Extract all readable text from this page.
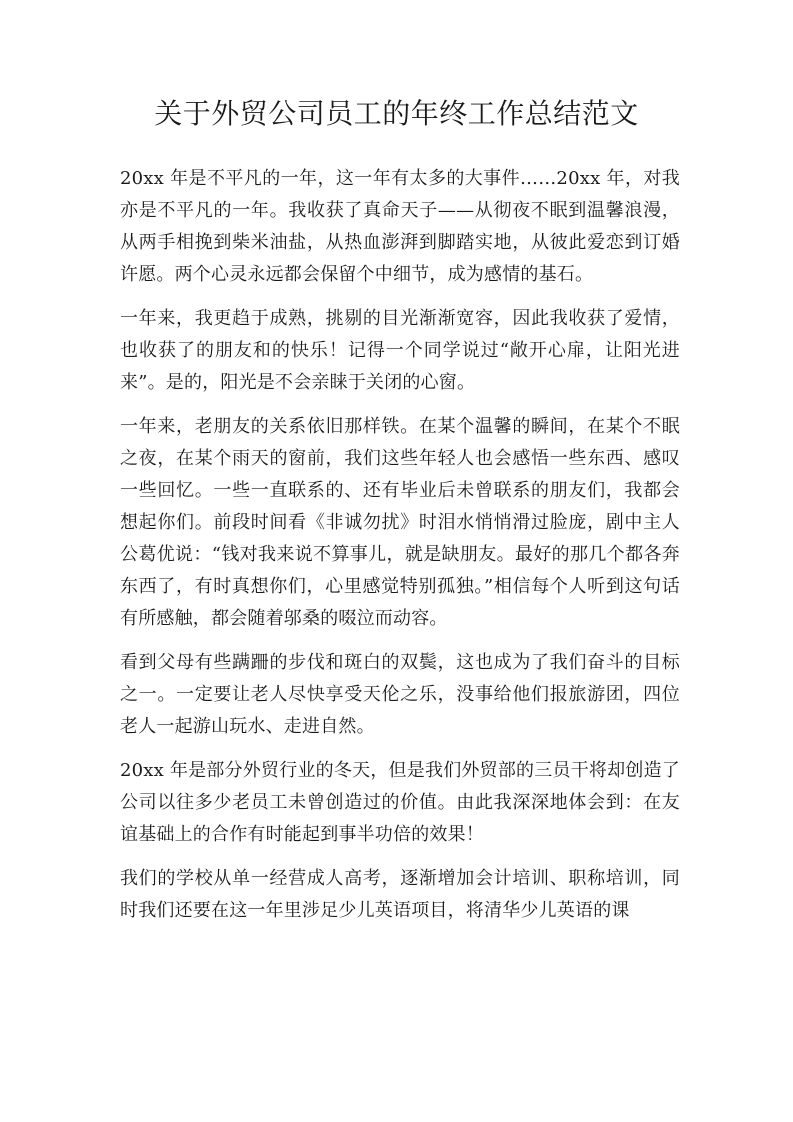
关于外贸公司员工的年终工作总结范文

20xx 年是不平凡的一年，这一年有太多的大事件……20xx 年，对我亦是不平凡的一年。我收获了真命天子——从彻夜不眠到温馨浪漫，从两手相挽到柴米油盐，从热血澎湃到脚踏实地，从彼此爱恋到订婚许愿。两个心灵永远都会保留个中细节，成为感情的基石。

一年来，我更趋于成熟，挑剔的目光渐渐宽容，因此我收获了爱情，也收获了的朋友和的快乐！记得一个同学说过“敞开心扉，让阳光进来”。是的，阳光是不会亲睐于关闭的心窗。

一年来，老朋友的关系依旧那样铁。在某个温馨的瞬间，在某个不眠之夜，在某个雨天的窗前，我们这些年轻人也会感悟一些东西、感叹一些回忆。一些一直联系的、还有毕业后未曾联系的朋友们，我都会想起你们。前段时间看《非诚勿扰》时泪水悄悄滑过脸庞，剧中主人公葛优说：“钱对我来说不算事儿，就是缺朋友。最好的那几个都各奔东西了，有时真想你们，心里感觉特别孤独。”相信每个人听到这句话有所感触，都会随着邬桑的啜泣而动容。

看到父母有些蹒跚的步伐和斑白的双鬓，这也成为了我们奋斗的目标之一。一定要让老人尽快享受天伦之乐，没事给他们报旅游团，四位老人一起游山玩水、走进自然。

20xx 年是部分外贸行业的冬天，但是我们外贸部的三员干将却创造了公司以往多少老员工未曾创造过的价值。由此我深深地体会到：在友谊基础上的合作有时能起到事半功倍的效果！

我们的学校从单一经营成人高考，逐渐增加会计培训、职称培训，同时我们还要在这一年里涉足少儿英语项目，将清华少儿英语的课
